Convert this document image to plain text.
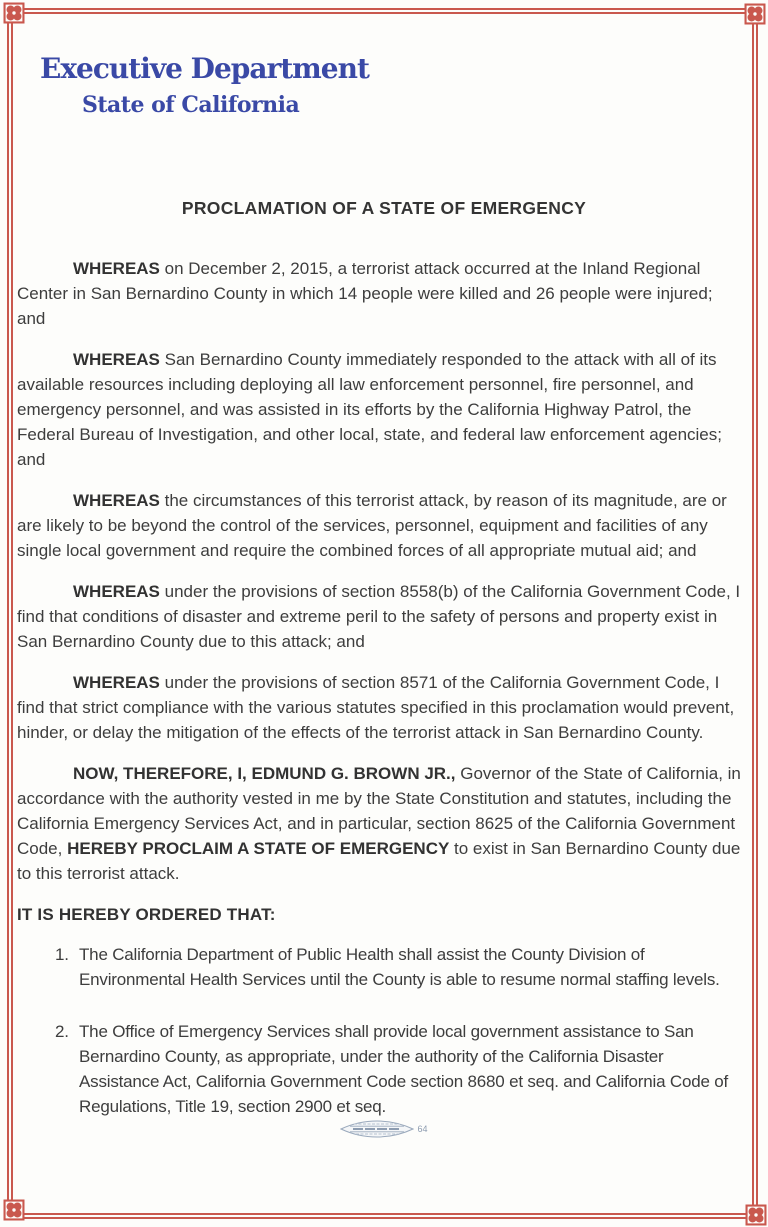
Executive Department
State of California
PROCLAMATION OF A STATE OF EMERGENCY

WHEREAS on December 2, 2015, a terrorist attack occurred at the Inland Regional Center in San Bernardino County in which 14 people were killed and 26 people were injured; and

WHEREAS San Bernardino County immediately responded to the attack with all of its available resources including deploying all law enforcement personnel, fire personnel, and emergency personnel, and was assisted in its efforts by the California Highway Patrol, the Federal Bureau of Investigation, and other local, state, and federal law enforcement agencies; and

WHEREAS the circumstances of this terrorist attack, by reason of its magnitude, are or are likely to be beyond the control of the services, personnel, equipment and facilities of any single local government and require the combined forces of all appropriate mutual aid; and

WHEREAS under the provisions of section 8558(b) of the California Government Code, I find that conditions of disaster and extreme peril to the safety of persons and property exist in San Bernardino County due to this attack; and

WHEREAS under the provisions of section 8571 of the California Government Code, I find that strict compliance with the various statutes specified in this proclamation would prevent, hinder, or delay the mitigation of the effects of the terrorist attack in San Bernardino County.

NOW, THEREFORE, I, EDMUND G. BROWN JR., Governor of the State of California, in accordance with the authority vested in me by the State Constitution and statutes, including the California Emergency Services Act, and in particular, section 8625 of the California Government Code, HEREBY PROCLAIM A STATE OF EMERGENCY to exist in San Bernardino County due to this terrorist attack.

IT IS HEREBY ORDERED THAT:
1. The California Department of Public Health shall assist the County Division of Environmental Health Services until the County is able to resume normal staffing levels.
2. The Office of Emergency Services shall provide local government assistance to San Bernardino County, as appropriate, under the authority of the California Disaster Assistance Act, California Government Code section 8680 et seq. and California Code of Regulations, Title 19, section 2900 et seq.
64
